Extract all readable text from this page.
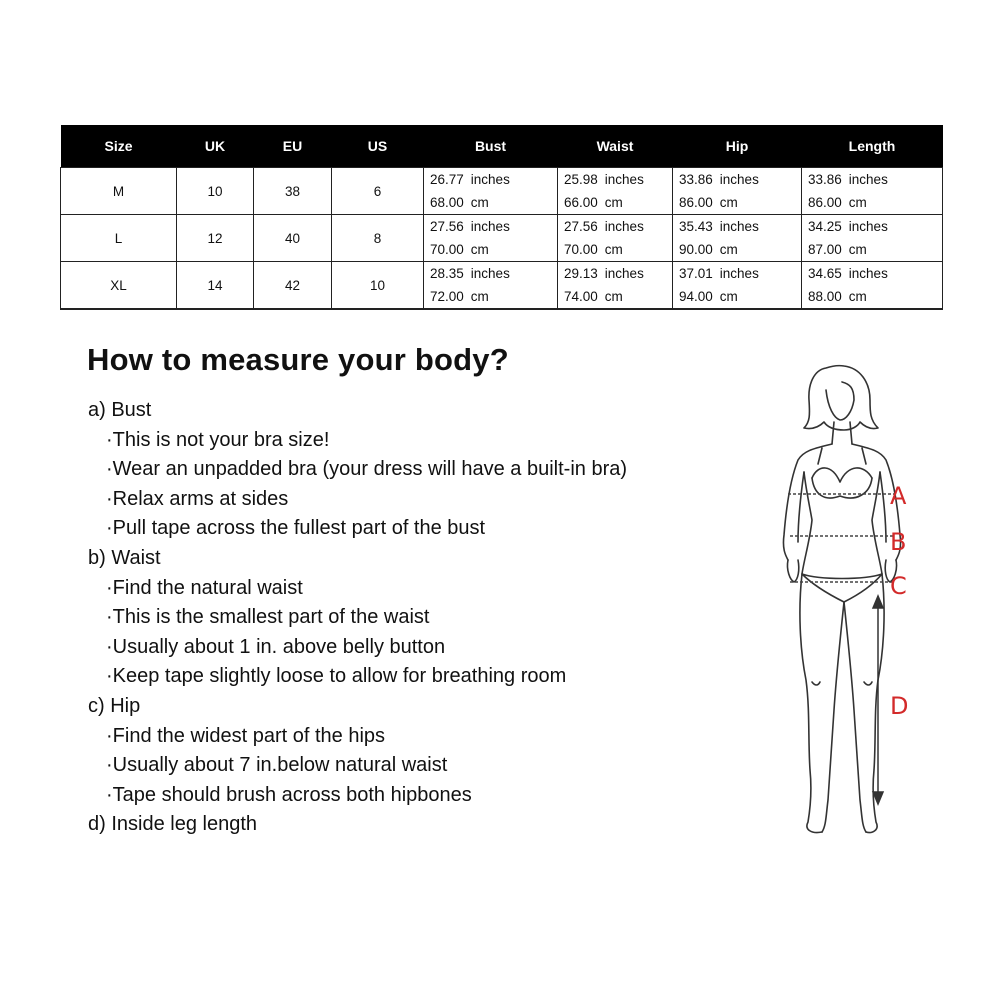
Size	UK	EU	US	Bust	Waist	Hip	Length
M	10	38	6	26.77 inches	25.98 inches	33.86 inches	33.86 inches
				68.00 cm	66.00 cm	86.00 cm	86.00 cm
L	12	40	8	27.56 inches	27.56 inches	35.43 inches	34.25 inches
				70.00 cm	70.00 cm	90.00 cm	87.00 cm
XL	14	42	10	28.35 inches	29.13 inches	37.01 inches	34.65 inches
				72.00 cm	74.00 cm	94.00 cm	88.00 cm
How to measure your body?
a) Bust
·This is not your bra size!
·Wear an unpadded bra (your dress will have a built-in bra)
·Relax arms at sides
·Pull tape across the fullest part of the bust
b) Waist
·Find the natural waist
·This is the smallest part of the waist
·Usually about 1 in. above belly button
·Keep tape slightly loose to allow for breathing room
c) Hip
·Find the widest part of the hips
·Usually about 7 in.below natural waist
·Tape should brush across both hipbones
d) Inside leg length
A
B
C
D
